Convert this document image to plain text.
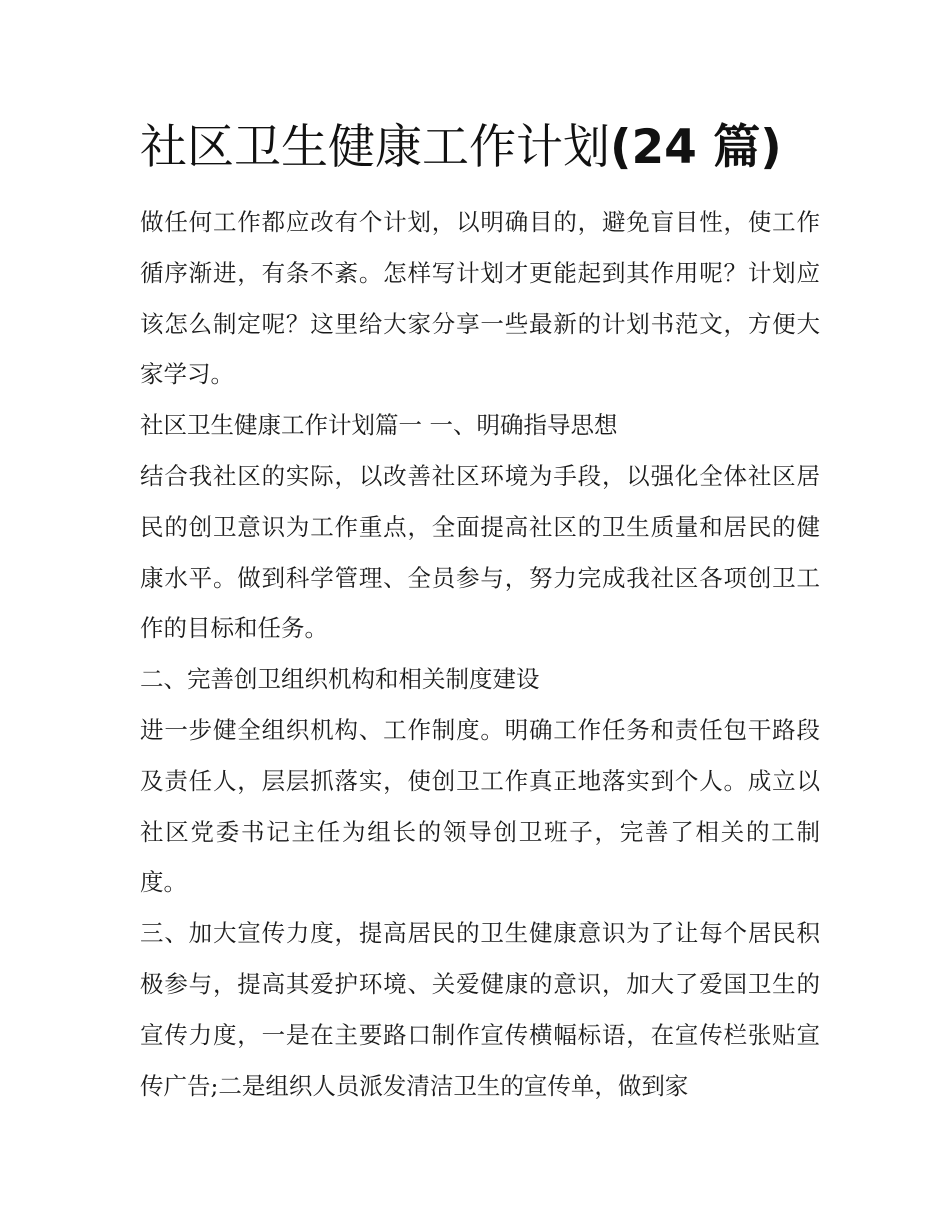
社区卫生健康工作计划(24 篇)

做任何工作都应改有个计划，以明确目的，避免盲目性，使工作循序渐进，有条不紊。怎样写计划才更能起到其作用呢？计划应该怎么制定呢？这里给大家分享一些最新的计划书范文，方便大家学习。

社区卫生健康工作计划篇一 一、明确指导思想

结合我社区的实际，以改善社区环境为手段，以强化全体社区居民的创卫意识为工作重点，全面提高社区的卫生质量和居民的健康水平。做到科学管理、全员参与，努力完成我社区各项创卫工作的目标和任务。

二、完善创卫组织机构和相关制度建设

进一步健全组织机构、工作制度。明确工作任务和责任包干路段及责任人，层层抓落实，使创卫工作真正地落实到个人。成立以社区党委书记主任为组长的领导创卫班子，完善了相关的工制度。

三、加大宣传力度，提高居民的卫生健康意识为了让每个居民积极参与，提高其爱护环境、关爱健康的意识，加大了爱国卫生的宣传力度，一是在主要路口制作宣传横幅标语，在宣传栏张贴宣传广告;二是组织人员派发清洁卫生的宣传单，做到家
